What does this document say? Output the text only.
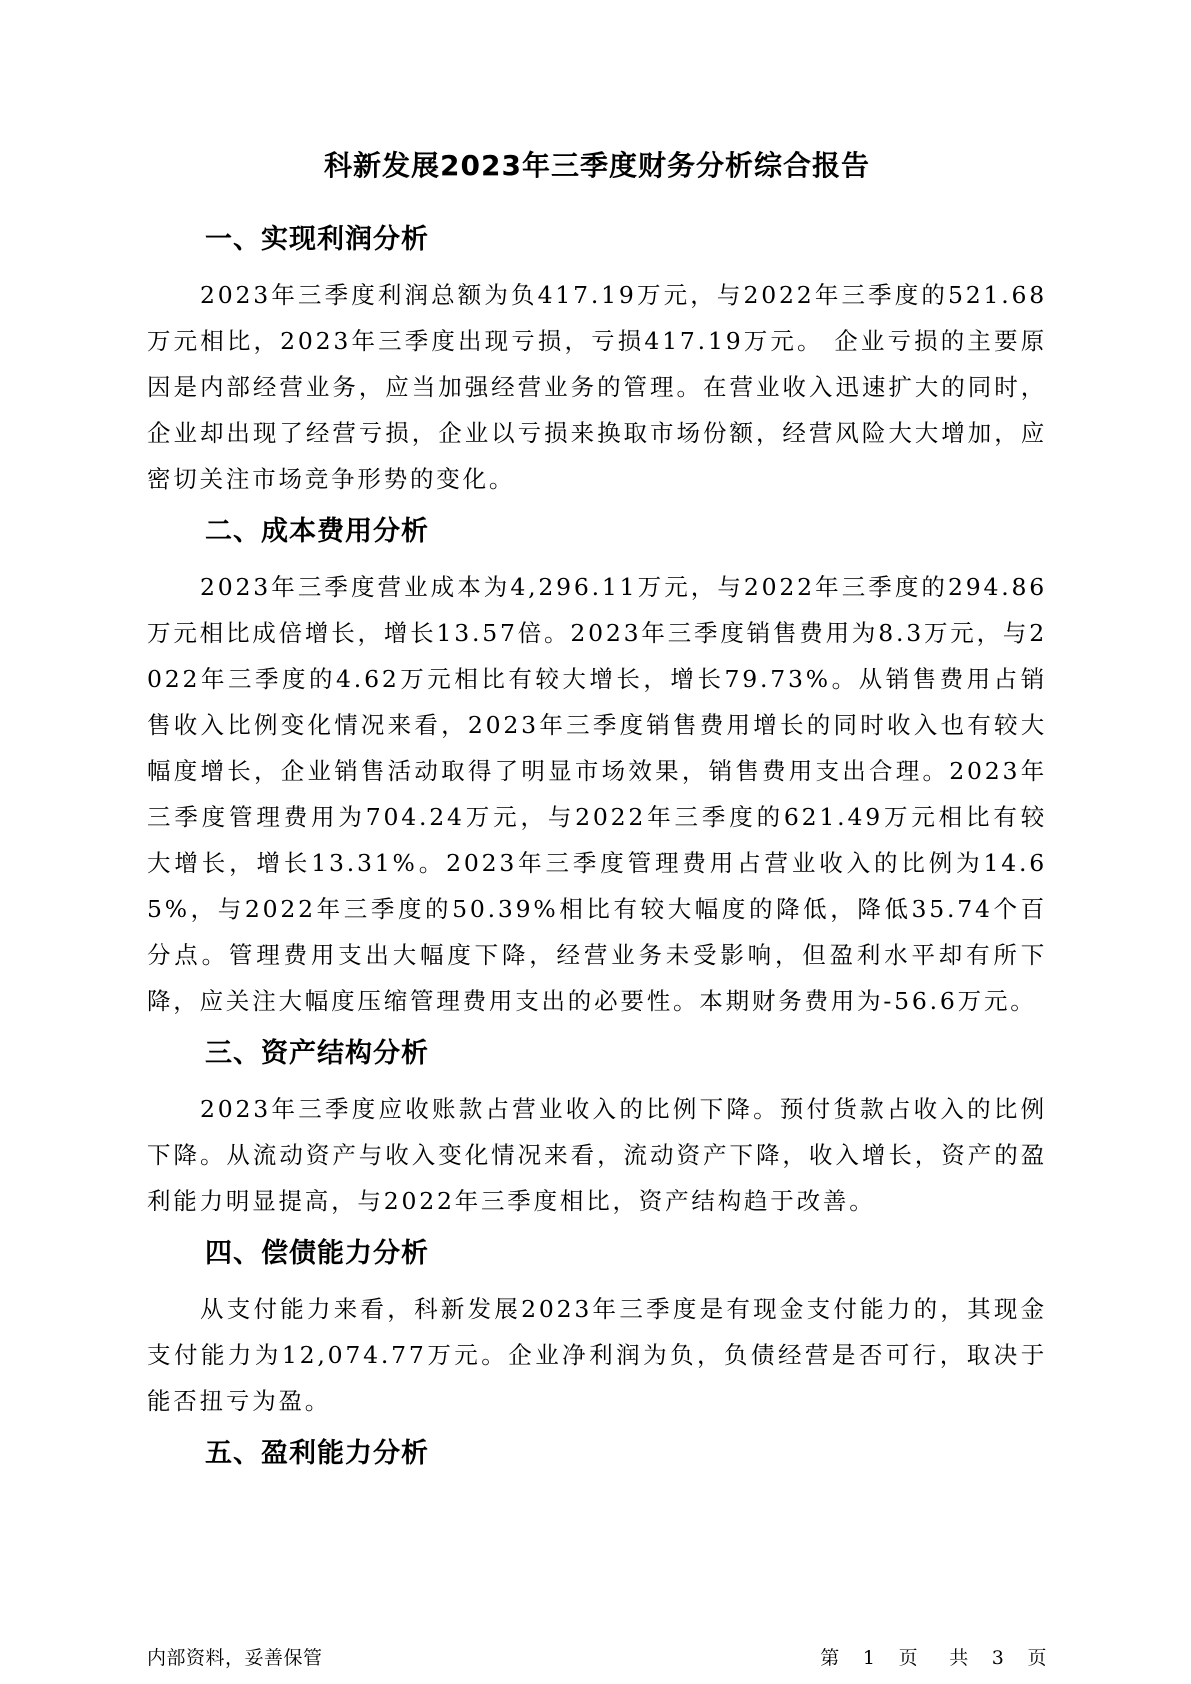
科新发展2023年三季度财务分析综合报告
一、实现利润分析

2023年三季度利润总额为负417.19万元，与2022年三季度的521.68万元相比，2023年三季度出现亏损，亏损417.19万元。 企业亏损的主要原因是内部经营业务，应当加强经营业务的管理。在营业收入迅速扩大的同时，企业却出现了经营亏损，企业以亏损来换取市场份额，经营风险大大增加，应密切关注市场竞争形势的变化。

二、成本费用分析

2023年三季度营业成本为4,296.11万元，与2022年三季度的294.86万元相比成倍增长，增长13.57倍。2023年三季度销售费用为8.3万元，与2022年三季度的4.62万元相比有较大增长，增长79.73%。从销售费用占销售收入比例变化情况来看，2023年三季度销售费用增长的同时收入也有较大幅度增长，企业销售活动取得了明显市场效果，销售费用支出合理。2023年三季度管理费用为704.24万元，与2022年三季度的621.49万元相比有较大增长，增长13.31%。2023年三季度管理费用占营业收入的比例为14.65%，与2022年三季度的50.39%相比有较大幅度的降低，降低35.74个百分点。管理费用支出大幅度下降，经营业务未受影响，但盈利水平却有所下降，应关注大幅度压缩管理费用支出的必要性。本期财务费用为-56.6万元。

三、资产结构分析

2023年三季度应收账款占营业收入的比例下降。预付货款占收入的比例下降。从流动资产与收入变化情况来看，流动资产下降，收入增长，资产的盈利能力明显提高，与2022年三季度相比，资产结构趋于改善。

四、偿债能力分析

从支付能力来看，科新发展2023年三季度是有现金支付能力的，其现金支付能力为12,074.77万元。企业净利润为负，负债经营是否可行，取决于能否扭亏为盈。

五、盈利能力分析
内部资料，妥善保管	第 1 页 共 3 页
